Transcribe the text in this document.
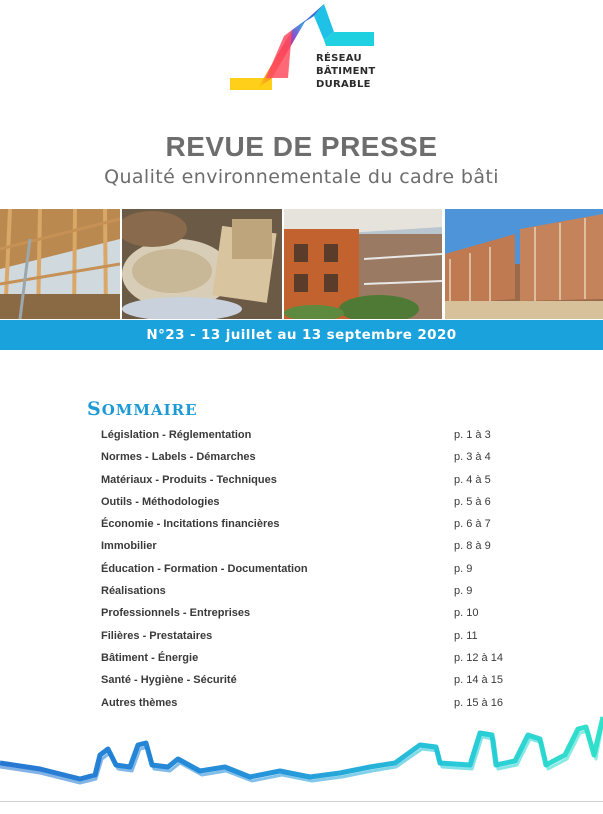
RÉSEAU
BÂTIMENT
DURABLE
REVUE DE PRESSE
Qualité environnementale du cadre bâti
N°23 - 13 juillet au 13 septembre 2020
SOMMAIRE
Législation - Réglementation	p. 1 à 3
Normes - Labels - Démarches	p. 3 à 4
Matériaux - Produits - Techniques	p. 4 à 5
Outils - Méthodologies	p. 5 à 6
Économie - Incitations financières	p. 6 à 7
Immobilier	p. 8 à 9
Éducation - Formation - Documentation	p. 9
Réalisations	p. 9
Professionnels - Entreprises	p. 10
Filières - Prestataires	p. 11
Bâtiment - Énergie	p. 12 à 14
Santé - Hygiène - Sécurité	p. 14 à 15
Autres thèmes	p. 15 à 16
